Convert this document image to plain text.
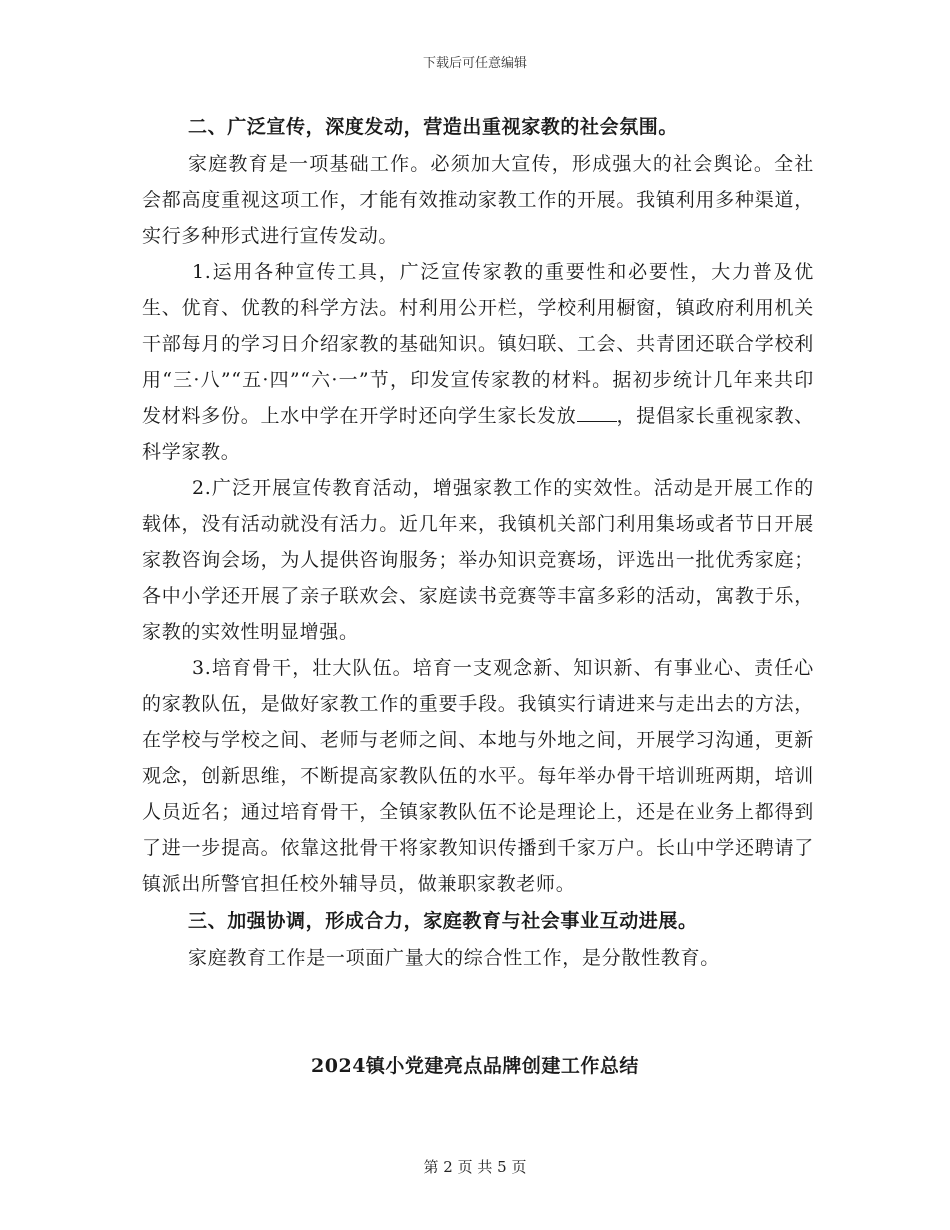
下载后可任意编辑

二、广泛宣传，深度发动，营造出重视家教的社会氛围。

家庭教育是一项基础工作。必须加大宣传，形成强大的社会舆论。全社会都高度重视这项工作，才能有效推动家教工作的开展。我镇利用多种渠道，实行多种形式进行宣传发动。

1.运用各种宣传工具，广泛宣传家教的重要性和必要性，大力普及优生、优育、优教的科学方法。村利用公开栏，学校利用橱窗，镇政府利用机关干部每月的学习日介绍家教的基础知识。镇妇联、工会、共青团还联合学校利用“三·八”“五·四”“六·一”节，印发宣传家教的材料。据初步统计几年来共印发材料多份。上水中学在开学时还向学生家长发放 ，提倡家长重视家教、科学家教。

2.广泛开展宣传教育活动，增强家教工作的实效性。活动是开展工作的载体，没有活动就没有活力。近几年来，我镇机关部门利用集场或者节日开展家教咨询会场，为人提供咨询服务；举办知识竞赛场，评选出一批优秀家庭；各中小学还开展了亲子联欢会、家庭读书竞赛等丰富多彩的活动，寓教于乐，家教的实效性明显增强。

3.培育骨干，壮大队伍。培育一支观念新、知识新、有事业心、责任心的家教队伍，是做好家教工作的重要手段。我镇实行请进来与走出去的方法，在学校与学校之间、老师与老师之间、本地与外地之间，开展学习沟通，更新观念，创新思维，不断提高家教队伍的水平。每年举办骨干培训班两期，培训人员近名；通过培育骨干，全镇家教队伍不论是理论上，还是在业务上都得到了进一步提高。依靠这批骨干将家教知识传播到千家万户。长山中学还聘请了镇派出所警官担任校外辅导员，做兼职家教老师。

三、加强协调，形成合力，家庭教育与社会事业互动进展。

家庭教育工作是一项面广量大的综合性工作，是分散性教育。

2024镇小党建亮点品牌创建工作总结
第 2 页 共 5 页
